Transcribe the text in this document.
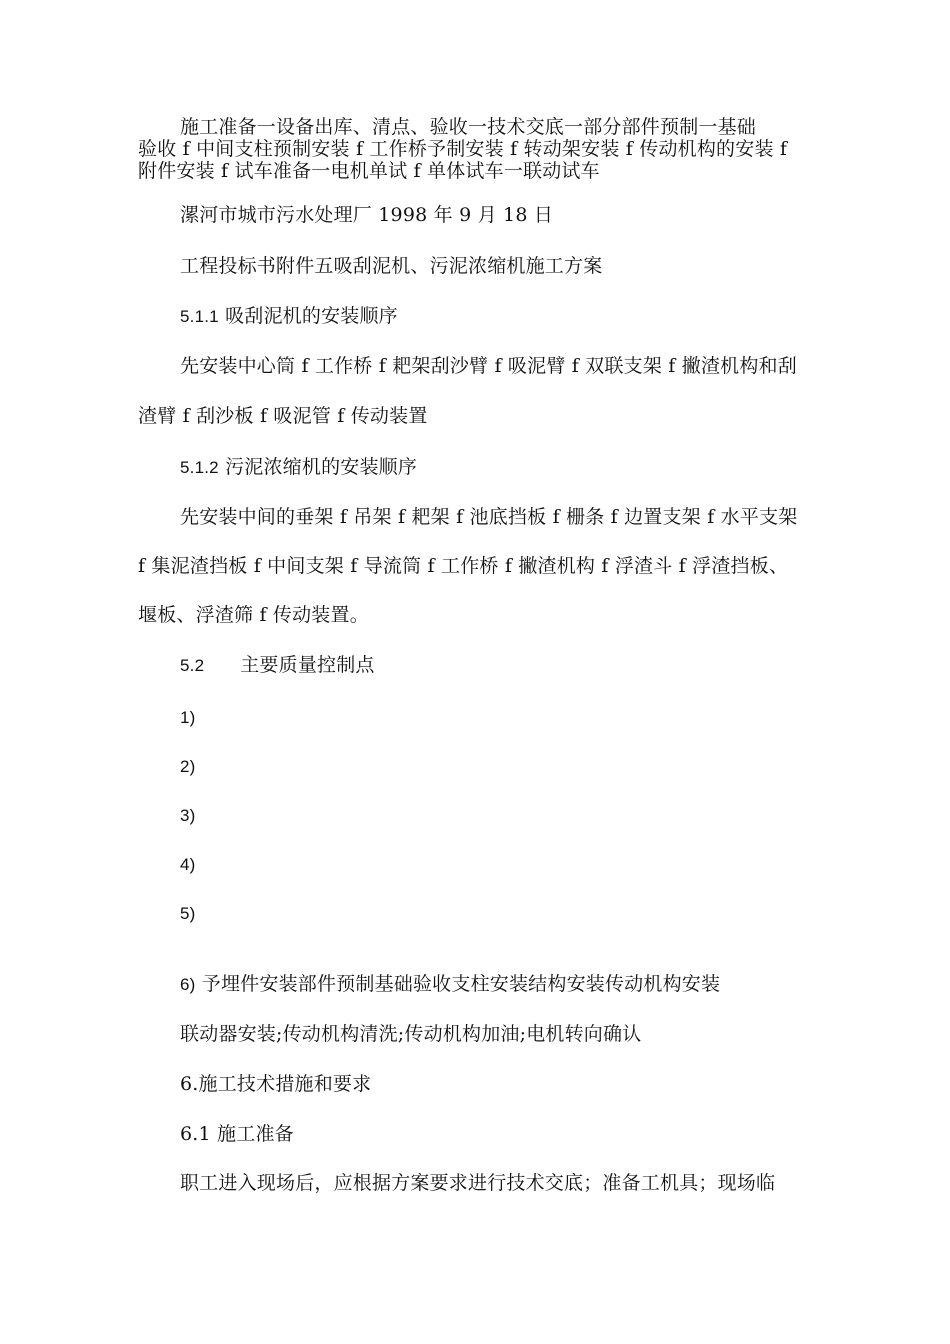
施工准备一设备出库、清点、验收一技术交底一部分部件预制一基础

验收 f 中间支柱预制安装 f 工作桥予制安装 f 转动架安装 f 传动机构的安装 f

附件安装 f 试车准备一电机单试 f 单体试车一联动试车

漯河市城市污水处理厂 1998 年 9 月 18 日

工程投标书附件五吸刮泥机、污泥浓缩机施工方案

5.1.1 吸刮泥机的安装顺序

先安装中心筒 f 工作桥 f 耙架刮沙臂 f 吸泥臂 f 双联支架 f 撇渣机构和刮

渣臂 f 刮沙板 f 吸泥管 f 传动装置

5.1.2 污泥浓缩机的安装顺序

先安装中间的垂架 f 吊架 f 耙架 f 池底挡板 f 栅条 f 边置支架 f 水平支架

f 集泥渣挡板 f 中间支架 f 导流筒 f 工作桥 f 撇渣机构 f 浮渣斗 f 浮渣挡板、

堰板、浮渣筛 f 传动装置。

5.2 主要质量控制点

1)

2)

3)

4)

5)

6) 予埋件安装部件预制基础验收支柱安装结构安装传动机构安装

联动器安装;传动机构清洗;传动机构加油;电机转向确认

6.施工技术措施和要求

6.1 施工准备

职工进入现场后，应根据方案要求进行技术交底；准备工机具；现场临
